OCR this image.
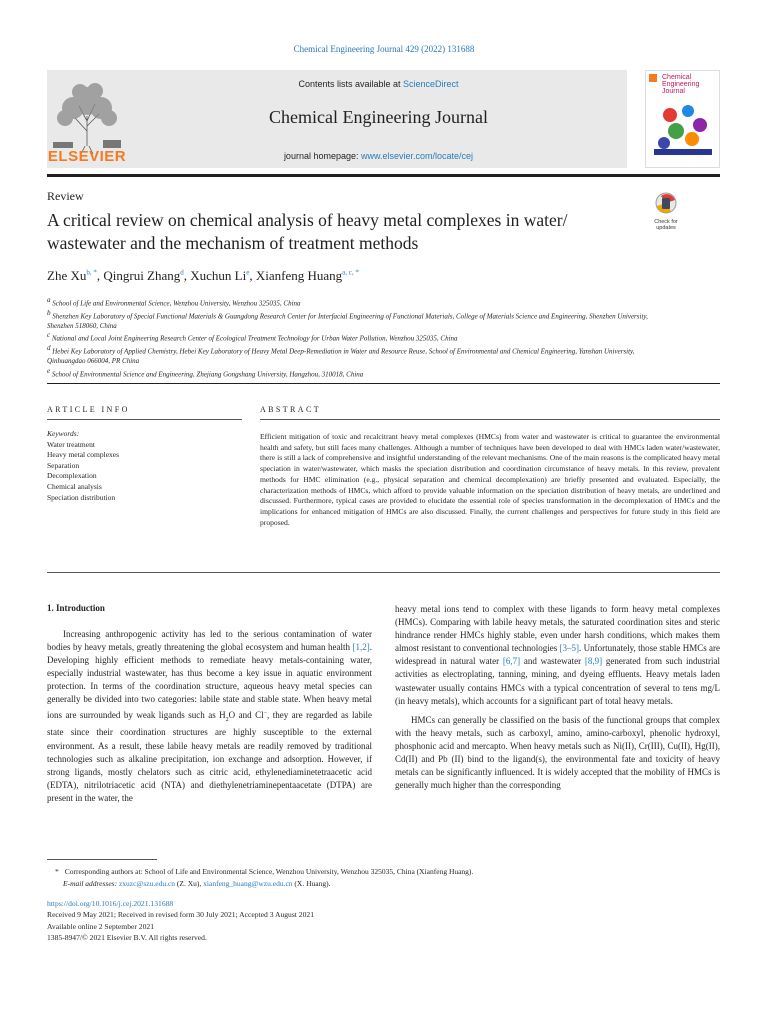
Chemical Engineering Journal 429 (2022) 131688
ELSEVIER
Contents lists available at ScienceDirect
Chemical Engineering Journal
journal homepage: www.elsevier.com/locate/cej
Chemical
Engineering
Journal
Review
A critical review on chemical analysis of heavy metal complexes in water/ wastewater and the mechanism of treatment methods
Check for
updates
Zhe $Xu^{b, *}$, Qingrui Zhang$^d$, Xuchun Li$^e$, Xianfeng Huang$^{a, c, *}$
$^a$ School of Life and Environmental Science, Wenzhou University, Wenzhou 325035, China
$^b$ Shenzhen Key Laboratory of Special Functional Materials & Guangdong Research Center for Interfacial Engineering of Functional Materials, College of Materials Science and Engineering, Shenzhen University, Shenzhen 518060, China
$^c$ National and Local Joint Engineering Research Center of Ecological Treatment Technology for Urban Water Pollution, Wenzhou 325035, China
$^d$ Hebei Key Laboratory of Applied Chemistry, Hebei Key Laboratory of Heavy Metal Deep-Remediation in Water and Resource Reuse, School of Environmental and Chemical Engineering, Yanshan University, Qinhuangdao 066004, PR China
$^e$ School of Environmental Science and Engineering, Zhejiang Gongshang University, Hangzhou, 310018, China
ARTICLE INFO	ABSTRACT
Keywords:
Water treatment
Heavy metal complexes
Separation
Decomplexation
Chemical analysis
Speciation distribution
Efficient mitigation of toxic and recalcitrant heavy metal complexes (HMCs) from water and wastewater is critical to guarantee the environmental health and safety, but still faces many challenges. Although a number of techniques have been developed to deal with HMCs laden water/wastewater, there is still a lack of comprehensive and insightful understanding of the relevant mechanisms. One of the main reasons is the complicated heavy metal speciation in water/wastewater, which masks the speciation distribution and coordination circumstance of heavy metals. In this review, prevalent methods for HMC elimination (e.g., physical separation and chemical decomplexation) are briefly presented and evaluated. Especially, the characterization methods of HMCs, which afford to provide valuable information on the speciation distribution of heavy metals, are underlined and discussed. Furthermore, typical cases are provided to elucidate the essential role of species transformation in the decomplexation of HMCs and the implications for enhanced mitigation of HMCs are also discussed. Finally, the current challenges and perspectives for future study in this field are proposed.
1. Introduction

Increasing anthropogenic activity has led to the serious contamination of water bodies by heavy metals, greatly threatening the global ecosystem and human health [1,2]. Developing highly efficient methods to remediate heavy metals-containing water, especially industrial wastewater, has thus become a key issue in aquatic environment protection. In terms of the coordination structure, aqueous heavy metal species can generally be divided into two categories: labile state and stable state. When heavy metal ions are surrounded by weak ligands such as $H_2O$ and Cl−, they are regarded as labile state since their coordination structures are highly susceptible to the external environment. As a result, these labile heavy metals are readily removed by traditional technologies such as alkaline precipitation, ion exchange and adsorption. However, if strong ligands, mostly chelators such as citric acid, ethylenediaminetetraacetic acid (EDTA), nitrilotriacetic acid (NTA) and diethylenetriaminepentaacetate (DTPA) are present in the water, the

heavy metal ions tend to complex with these ligands to form heavy metal complexes (HMCs). Comparing with labile heavy metals, the saturated coordination sites and steric hindrance render HMCs highly stable, even under harsh conditions, which makes them almost resistant to conventional technologies [3–5]. Unfortunately, those stable HMCs are widespread in natural water [6,7] and wastewater [8,9] generated from such industrial activities as electroplating, tanning, mining, and dyeing effluents. Heavy metals laden wastewater usually contains HMCs with a typical concentration of several to tens mg/L (in heavy metals), which accounts for a significant part of total heavy metals.

HMCs can generally be classified on the basis of the functional groups that complex with the heavy metals, such as carboxyl, amino, amino-carboxyl, phenolic hydroxyl, phosphonic acid and mercapto. When heavy metals such as Ni(II), Cr(III), Cu(II), Hg(II), Cd(II) and Pb (II) bind to the ligand(s), the environmental fate and toxicity of heavy metals can be significantly influenced. It is widely accepted that the mobility of HMCs is generally much higher than the corresponding

* Corresponding authors at: School of Life and Environmental Science, Wenzhou University, Wenzhou 325035, China (Xianfeng Huang).
E-mail addresses: zxuzc@szu.edu.cn (Z. Xu), xianfeng_huang@wzu.edu.cn (X. Huang).
https://doi.org/10.1016/j.cej.2021.131688
Received 9 May 2021; Received in revised form 30 July 2021; Accepted 3 August 2021
Available online 2 September 2021
1385-8947/© 2021 Elsevier B.V. All rights reserved.
